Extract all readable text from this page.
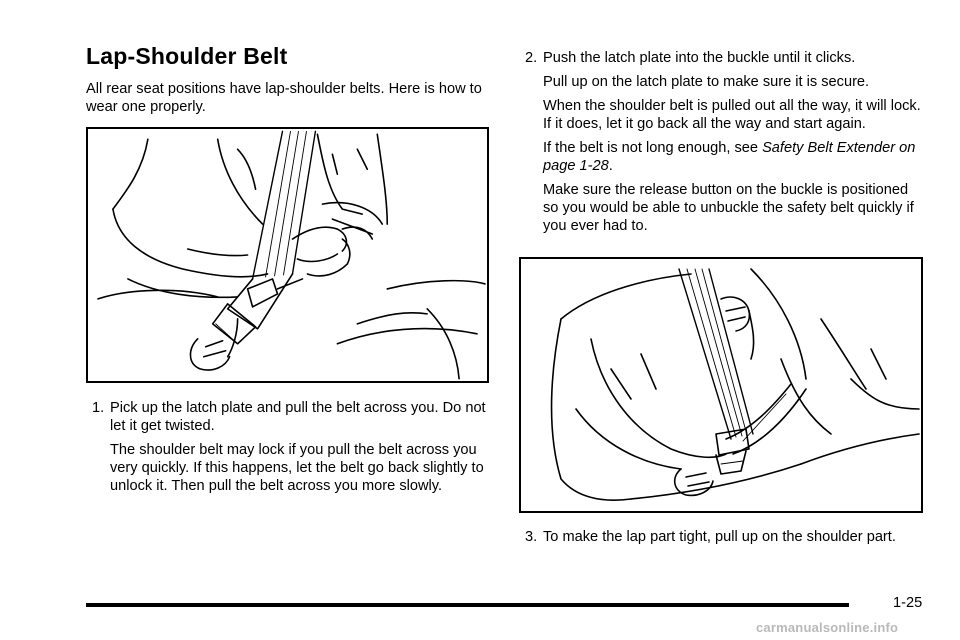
Lap-Shoulder Belt

All rear seat positions have lap-shoulder belts. Here is how to wear one properly.

1. Pick up the latch plate and pull the belt across you. Do not let it get twisted.

The shoulder belt may lock if you pull the belt across you very quickly. If this happens, let the belt go back slightly to unlock it. Then pull the belt across you more slowly.

2. Push the latch plate into the buckle until it clicks.

Pull up on the latch plate to make sure it is secure.

When the shoulder belt is pulled out all the way, it will lock. If it does, let it go back all the way and start again.

If the belt is not long enough, see Safety Belt Extender on page 1-28.

Make sure the release button on the buckle is positioned so you would be able to unbuckle the safety belt quickly if you ever had to.

3. To make the lap part tight, pull up on the shoulder part.

1-25
carmanualsonline.info
